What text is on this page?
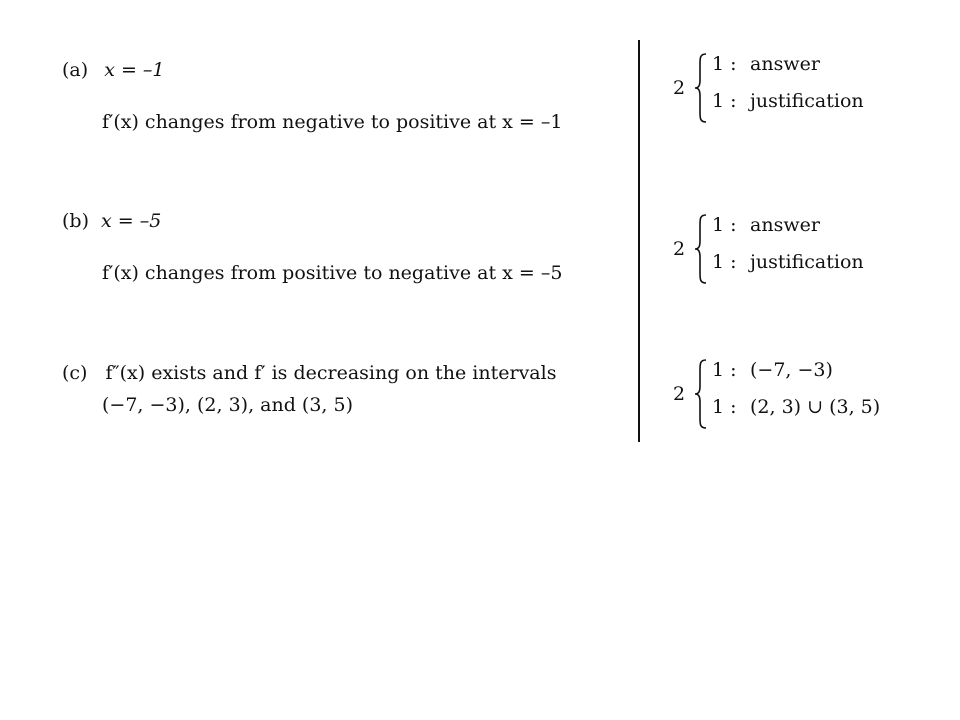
(a) x = –1
f′(x) changes from negative to positive at x = –1
(b) x = –5
f′(x) changes from positive to negative at x = –5
(c) f″(x) exists and f′ is decreasing on the intervals
(−7, −3), (2, 3), and (3, 5)
2
1 : answer
1 : justification
2
1 : answer
1 : justification
2
1 : (−7, −3)
1 : (2, 3) ∪ (3, 5)
